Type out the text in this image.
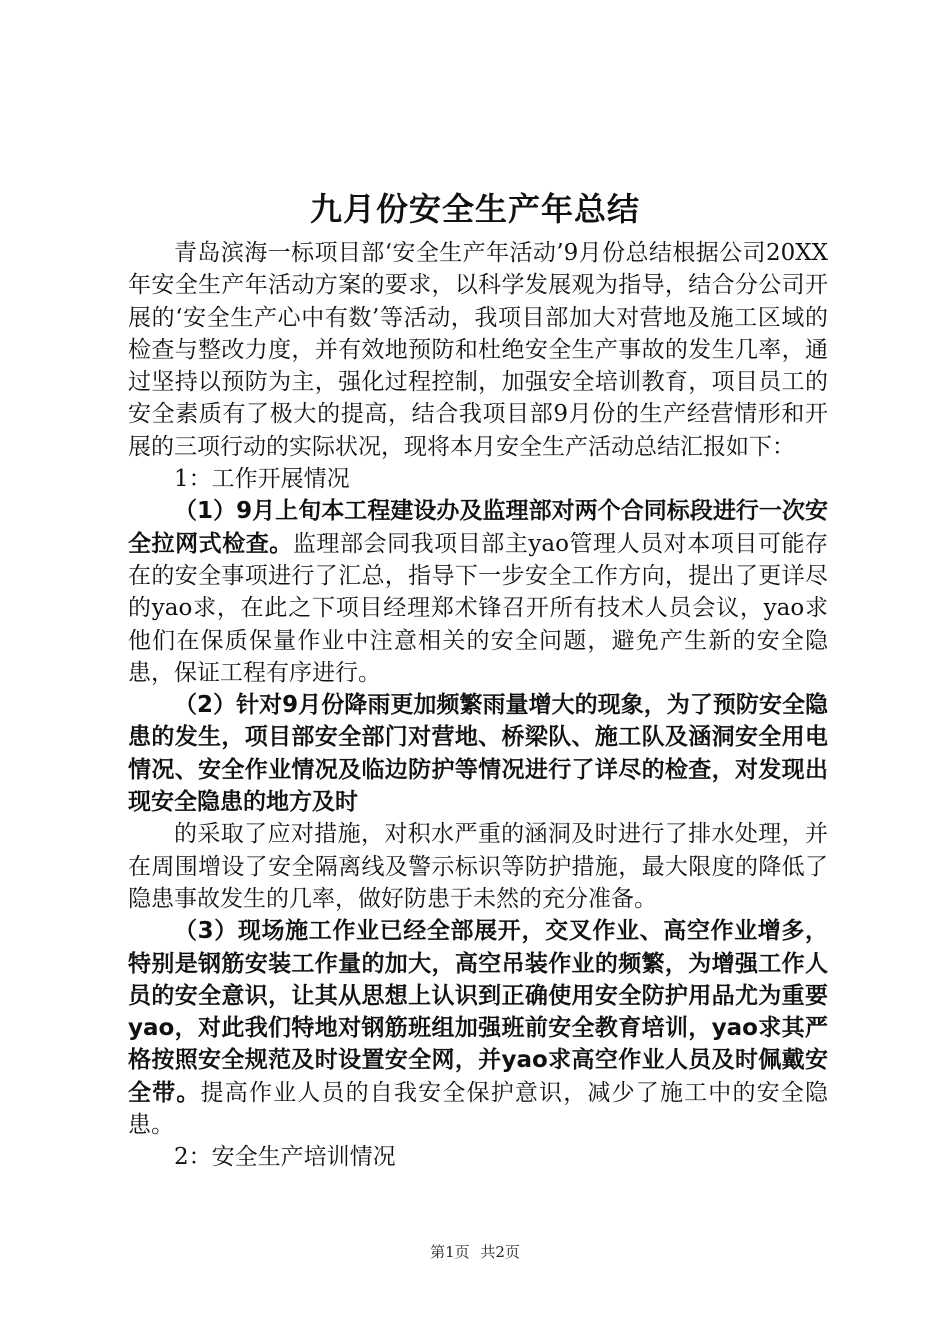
九月份安全生产年总结

青岛滨海一标项目部‘安全生产年活动’9月份总结根据公司20XX年安全生产年活动方案的要求，以科学发展观为指导，结合分公司开展的‘安全生产心中有数’等活动，我项目部加大对营地及施工区域的检查与整改力度，并有效地预防和杜绝安全生产事故的发生几率，通过坚持以预防为主，强化过程控制，加强安全培训教育，项目员工的安全素质有了极大的提高，结合我项目部9月份的生产经营情形和开展的三项行动的实际状况，现将本月安全生产活动总结汇报如下：

1：工作开展情况

（1）9月上旬本工程建设办及监理部对两个合同标段进行一次安全拉网式检查。监理部会同我项目部主yao管理人员对本项目可能存在的安全事项进行了汇总，指导下一步安全工作方向，提出了更详尽的yao求，在此之下项目经理郑术锋召开所有技术人员会议，yao求他们在保质保量作业中注意相关的安全问题，避免产生新的安全隐患，保证工程有序进行。

（2）针对9月份降雨更加频繁雨量增大的现象，为了预防安全隐患的发生，项目部安全部门对营地、桥梁队、施工队及涵洞安全用电情况、安全作业情况及临边防护等情况进行了详尽的检查，对发现出现安全隐患的地方及时

的采取了应对措施，对积水严重的涵洞及时进行了排水处理，并在周围增设了安全隔离线及警示标识等防护措施，最大限度的降低了隐患事故发生的几率，做好防患于未然的充分准备。

（3）现场施工作业已经全部展开，交叉作业、高空作业增多，特别是钢筋安装工作量的加大，高空吊装作业的频繁，为增强工作人员的安全意识，让其从思想上认识到正确使用安全防护用品尤为重要yao，对此我们特地对钢筋班组加强班前安全教育培训，yao求其严格按照安全规范及时设置安全网，并yao求高空作业人员及时佩戴安全带。提高作业人员的自我安全保护意识，减少了施工中的安全隐患。

2：安全生产培训情况

第1页 共2页
